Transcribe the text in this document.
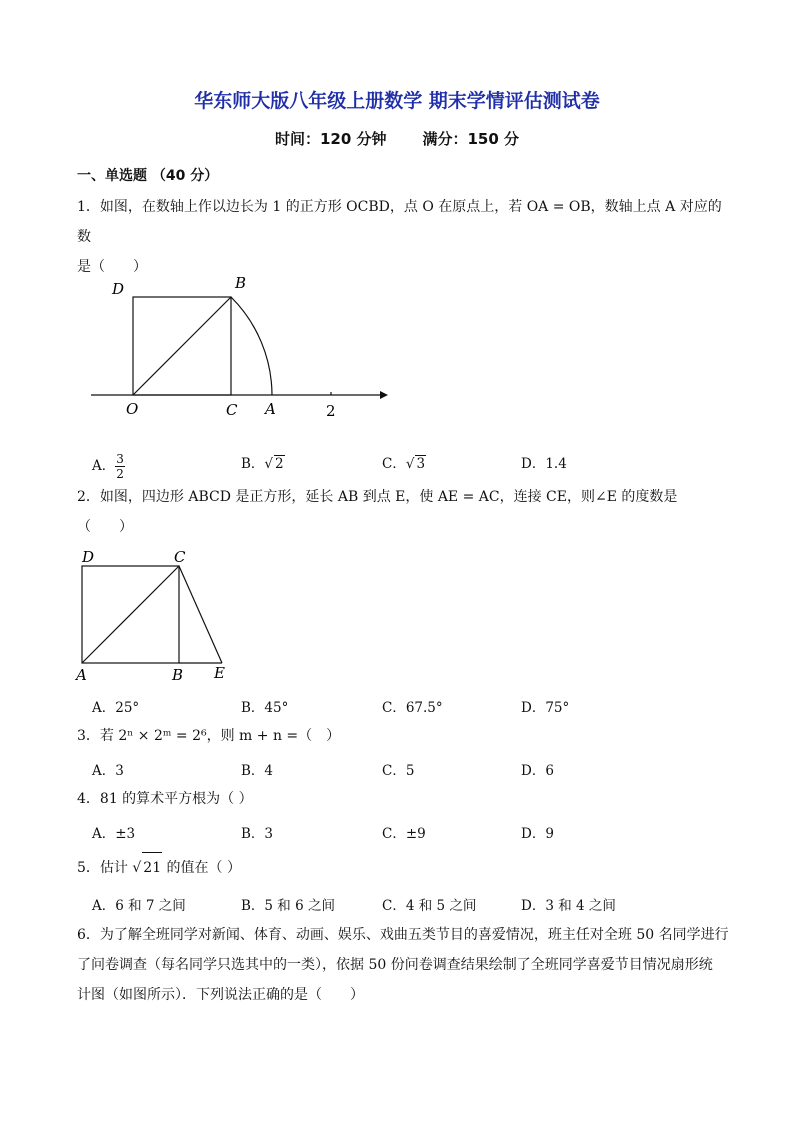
华东师大版八年级上册数学 期末学情评估测试卷

时间：120 分钟 满分：150 分

一、单选题 （40 分）
1．如图，在数轴上作以边长为 1 的正方形 OCBD，点 O 在原点上，若 OA = OB，数轴上点 A 对应的数
是（　　）
D	B
O	C A	2
A． $\frac{3}{2}$	B．√ 2	C．√ 3	D．1.4
2．如图，四边形 ABCD 是正方形，延长 AB 到点 E，使 AE = AC，连接 CE，则∠E 的度数是
（　　）
D	C
A	B E
A．25°	B．45°	C．67.5°	D．75°
3．若 2ⁿ × 2ᵐ = 2⁶，则 m + n =（　）
A．3	B．4	C．5	D．6
4．81 的算术平方根为（ ）
A．±3	B．3	C．±9	D．9
5．估计 √ 21 的值在（ ）
A．6 和 7 之间	B．5 和 6 之间	C．4 和 5 之间	D．3 和 4 之间
6．为了解全班同学对新闻、体育、动画、娱乐、戏曲五类节目的喜爱情况，班主任对全班 50 名同学进行
了问卷调查（每名同学只选其中的一类），依据 50 份问卷调查结果绘制了全班同学喜爱节目情况扇形统
计图（如图所示）．下列说法正确的是（　　）
